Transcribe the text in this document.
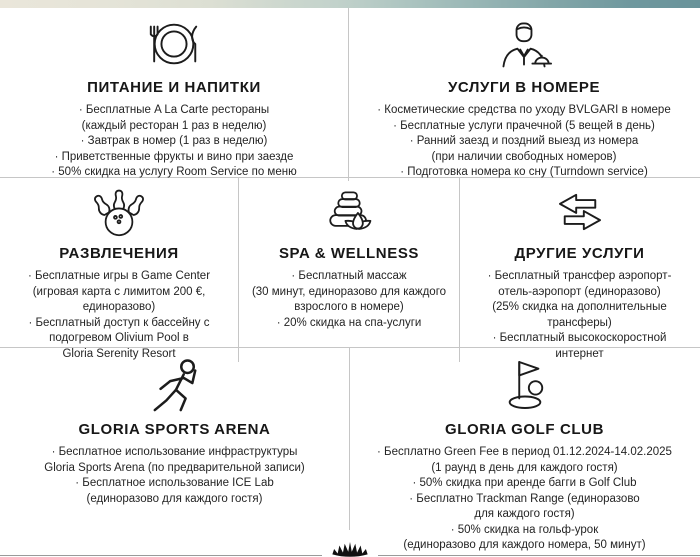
ПИТАНИЕ И НАПИТКИ
· Бесплатные A La Carte рестораны
(каждый ресторан 1 раз в неделю)
· Завтрак в номер (1 раз в неделю)
· Приветственные фрукты и вино при заезде
· 50% скидка на услугу Room Service по меню
УСЛУГИ В НОМЕРЕ
· Косметические средства по уходу BVLGARI в номере
· Бесплатные услуги прачечной (5 вещей в день)
· Ранний заезд и поздний выезд из номера
(при наличии свободных номеров)
· Подготовка номера ко сну (Turndown service)
РАЗВЛЕЧЕНИЯ
· Бесплатные игры в Game Center
(игровая карта с лимитом 200 €,
единоразово)
· Бесплатный доступ к бассейну с
подогревом Olivium Pool в
Gloria Serenity Resort
SPA & WELLNESS
· Бесплатный массаж
(30 минут, единоразово для каждого
взрослого в номере)
· 20% скидка на спа-услуги
ДРУГИЕ УСЛУГИ
· Бесплатный трансфер аэропорт-
отель-аэропорт (единоразово)
(25% скидка на дополнительные
трансферы)
· Бесплатный высокоскоростной
интернет
GLORIA SPORTS ARENA
· Бесплатное использование инфраструктуры
Gloria Sports Arena (по предварительной записи)
· Бесплатное использование ICE Lab
(единоразово для каждого гостя)
GLORIA GOLF CLUB
· Бесплатно Green Fee в период 01.12.2024-14.02.2025
(1 раунд в день для каждого гостя)
· 50% скидка при аренде багги в Golf Club
· Бесплатно Trackman Range (единоразово
для каждого гостя)
· 50% скидка на гольф-урок
(единоразово для каждого номера, 50 минут)
